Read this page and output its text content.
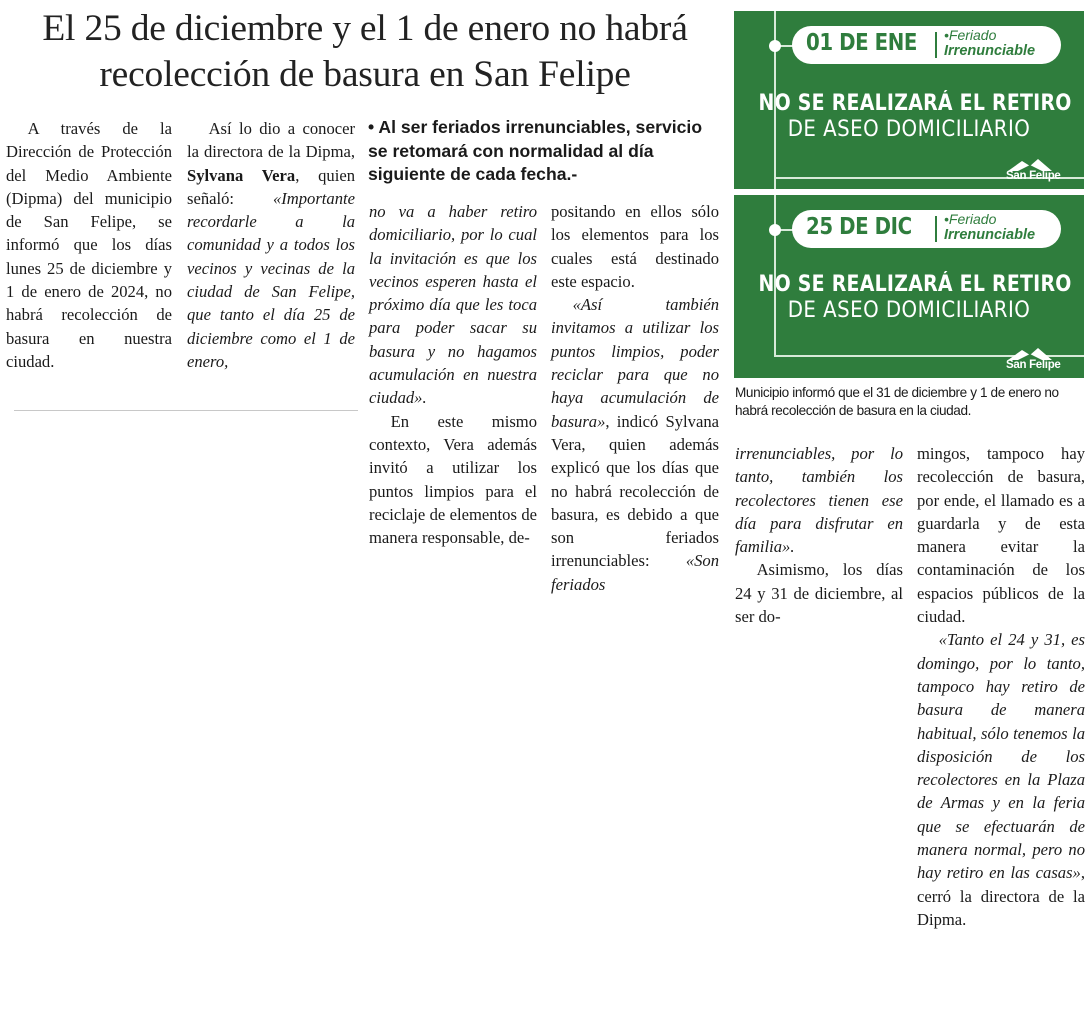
El 25 de diciembre y el 1 de enero no habrá recolección de basura en San Felipe

A través de la Dirección de Protección del Medio Ambiente (Dipma) del municipio de San Felipe, se informó que los días lunes 25 de diciembre y 1 de enero de 2024, no habrá recolección de basura en nuestra ciudad.

Así lo dio a conocer la directora de la Dipma, Sylvana Vera, quien señaló: «Importante recordarle a la comunidad y a todos los vecinos y vecinas de la ciudad de San Felipe, que tanto el día 25 de diciembre como el 1 de enero,

• Al ser feriados irrenunciables, servicio se retomará con normalidad al día siguiente de cada fecha.-

no va a haber retiro domiciliario, por lo cual la invitación es que los vecinos esperen hasta el próximo día que les toca para poder sacar su basura y no hagamos acumulación en nuestra ciudad».

En este mismo contexto, Vera además invitó a utilizar los puntos limpios para el reciclaje de elementos de manera responsable, de-

positando en ellos sólo los elementos para los cuales está destinado este espacio.

«Así también invitamos a utilizar los puntos limpios, poder reciclar para que no haya acumulación de basura», indicó Sylvana Vera, quien además explicó que los días que no habrá recolección de basura, es debido a que son feriados irrenunciables: «Son feriados

01 DE ENE •Feriado
Irrenunciable
NO SE REALIZARÁ EL RETIRO
DE ASEO DOMICILIARIO
San Felipe
25 DE DIC •Feriado
Irrenunciable
NO SE REALIZARÁ EL RETIRO
DE ASEO DOMICILIARIO
San Felipe
Municipio informó que el 31 de diciembre y 1 de enero no habrá recolección de basura en la ciudad.

irrenunciables, por lo tanto, también los recolectores tienen ese día para disfrutar en familia».

Asimismo, los días 24 y 31 de diciembre, al ser do-

mingos, tampoco hay recolección de basura, por ende, el llamado es a guardarla y de esta manera evitar la contaminación de los espacios públicos de la ciudad.

«Tanto el 24 y 31, es domingo, por lo tanto, tampoco hay retiro de basura de manera habitual, sólo tenemos la disposición de los recolectores en la Plaza de Armas y en la feria que se efectuarán de manera normal, pero no hay retiro en las casas», cerró la directora de la Dipma.
